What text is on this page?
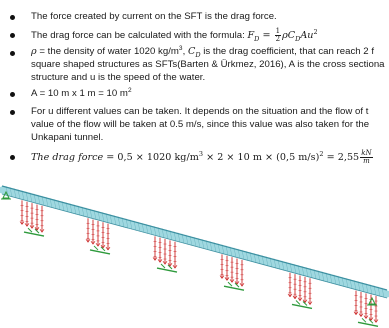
The force created by current on the SFT is the drag force.
The drag force can be calculated with the formula: $F_D = \frac{1}{2} \rho C_DAu^2$
ρ = the density of water 1020 $kg/m^3$, $C_D$ is the drag coefficient, that can reach 2 f
square shaped structures as SFTs(Barten & Ürkmez, 2016), A is the cross sectiona
structure and u is the speed of the water.
A = 10 m x 1 m = 10 $m^2$
For u different values can be taken. It depends on the situation and the flow of t
value of the flow will be taken at 0.5 m/s, since this value was also taken for the
Unkapani tunnel.
The drag force = 0,5 × 1020 $kg/m^3 \times 2 \times 10$ m × (0,5 $m/s)^2 = 2,55 \frac{kN}{m}$
